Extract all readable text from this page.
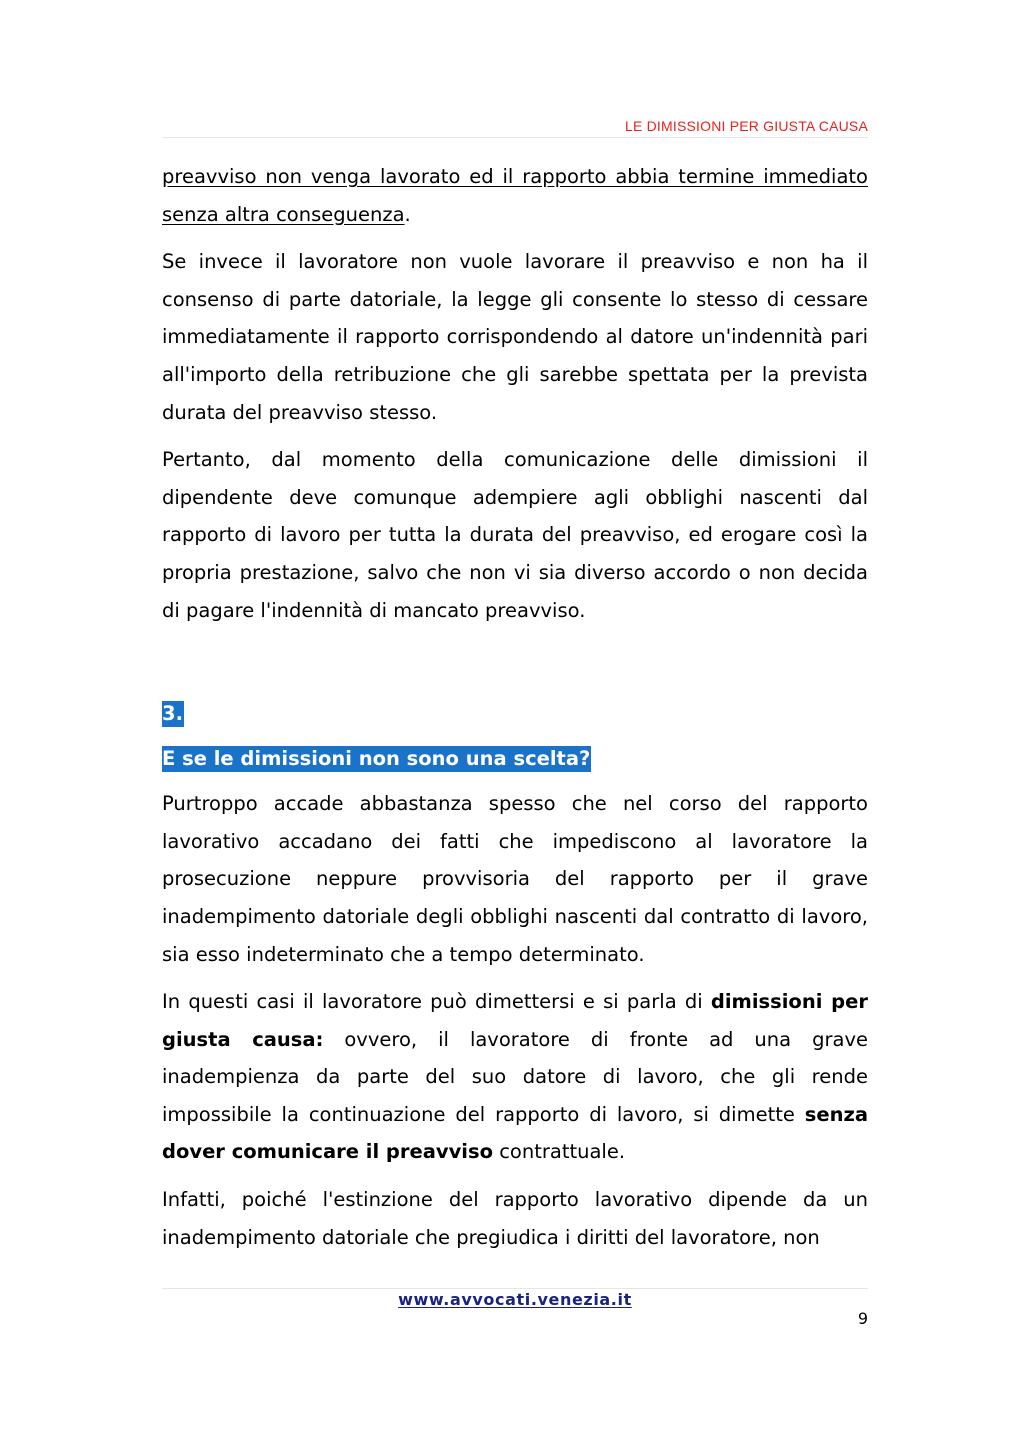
LE DIMISSIONI PER GIUSTA CAUSA

preavviso non venga lavorato ed il rapporto abbia termine immediato senza altra conseguenza.

Se invece il lavoratore non vuole lavorare il preavviso e non ha il consenso di parte datoriale, la legge gli consente lo stesso di cessare immediatamente il rapporto corrispondendo al datore un'indennità pari all'importo della retribuzione che gli sarebbe spettata per la prevista durata del preavviso stesso.

Pertanto, dal momento della comunicazione delle dimissioni il dipendente deve comunque adempiere agli obblighi nascenti dal rapporto di lavoro per tutta la durata del preavviso, ed erogare così la propria prestazione, salvo che non vi sia diverso accordo o non decida di pagare l'indennità di mancato preavviso.

3.

E se le dimissioni non sono una scelta?

Purtroppo accade abbastanza spesso che nel corso del rapporto lavorativo accadano dei fatti che impediscono al lavoratore la prosecuzione neppure provvisoria del rapporto per il grave inadempimento datoriale degli obblighi nascenti dal contratto di lavoro, sia esso indeterminato che a tempo determinato.

In questi casi il lavoratore può dimettersi e si parla di dimissioni per giusta causa: ovvero, il lavoratore di fronte ad una grave inadempienza da parte del suo datore di lavoro, che gli rende impossibile la continuazione del rapporto di lavoro, si dimette senza dover comunicare il preavviso contrattuale.

Infatti, poiché l'estinzione del rapporto lavorativo dipende da un inadempimento datoriale che pregiudica i diritti del lavoratore, non

www.avvocati.venezia.it
9
